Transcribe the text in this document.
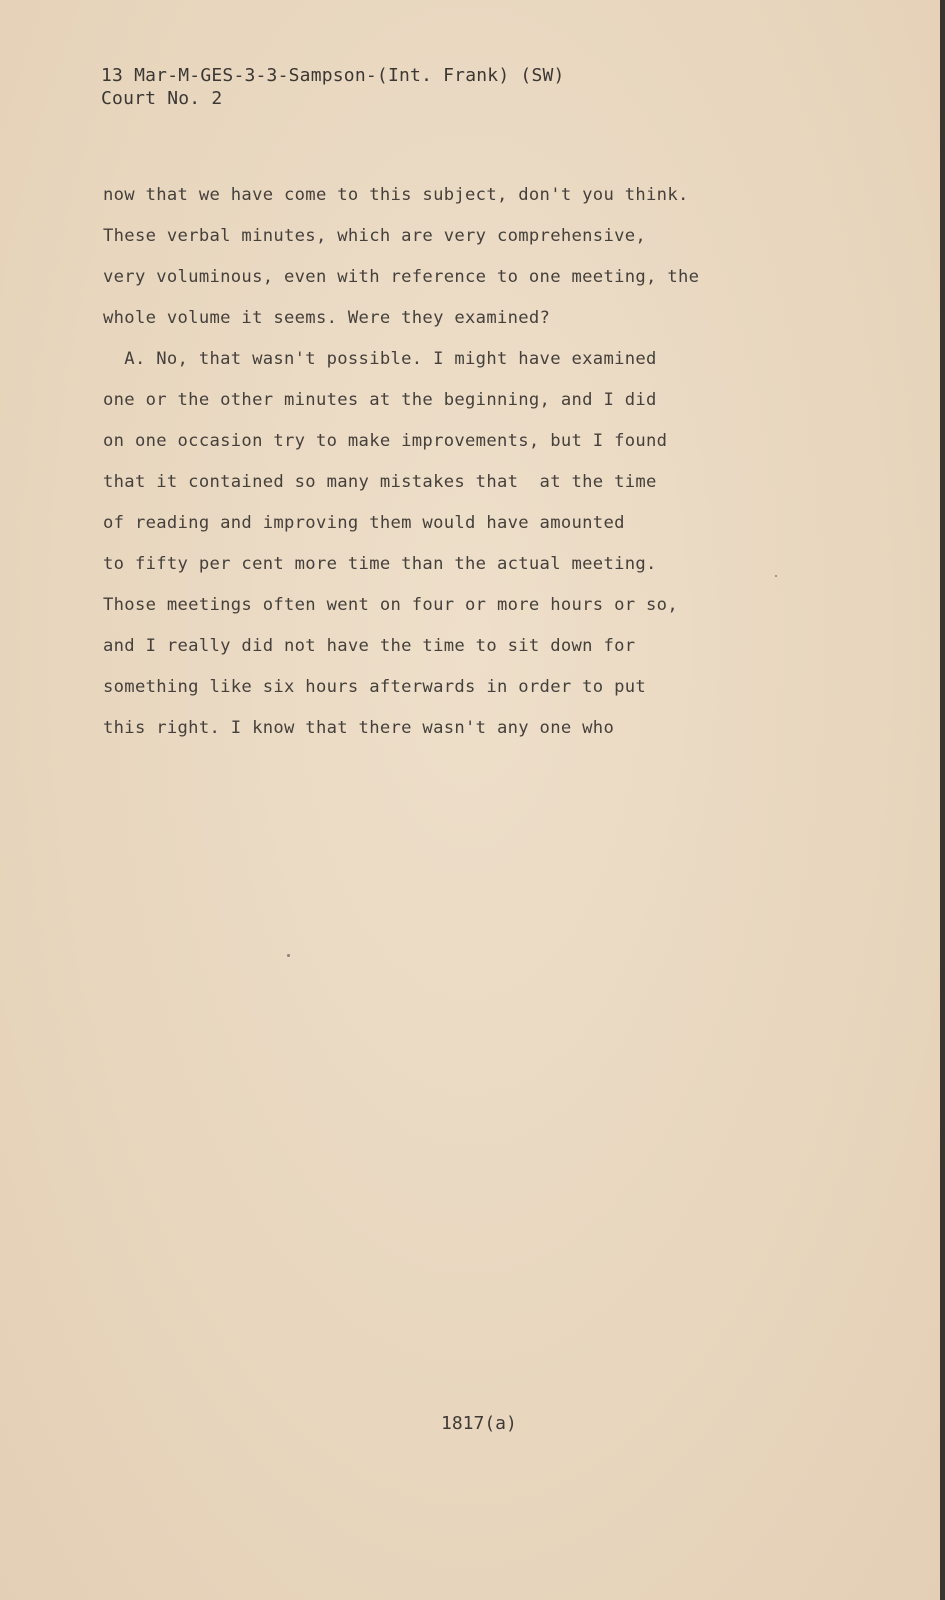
13 Mar-M-GES-3-3-Sampson-(Int. Frank) (SW)
Court No. 2
now that we have come to this subject, don't you think.
These verbal minutes, which are very comprehensive,
very voluminous, even with reference to one meeting, the
whole volume it seems. Were they examined?
A. No, that wasn't possible. I might have examined
one or the other minutes at the beginning, and I did
on one occasion try to make improvements, but I found
that it contained so many mistakes that  at the time
of reading and improving them would have amounted
to fifty per cent more time than the actual meeting.
Those meetings often went on four or more hours or so,
and I really did not have the time to sit down for
something like six hours afterwards in order to put
this right. I know that there wasn't any one who
1817(a)
